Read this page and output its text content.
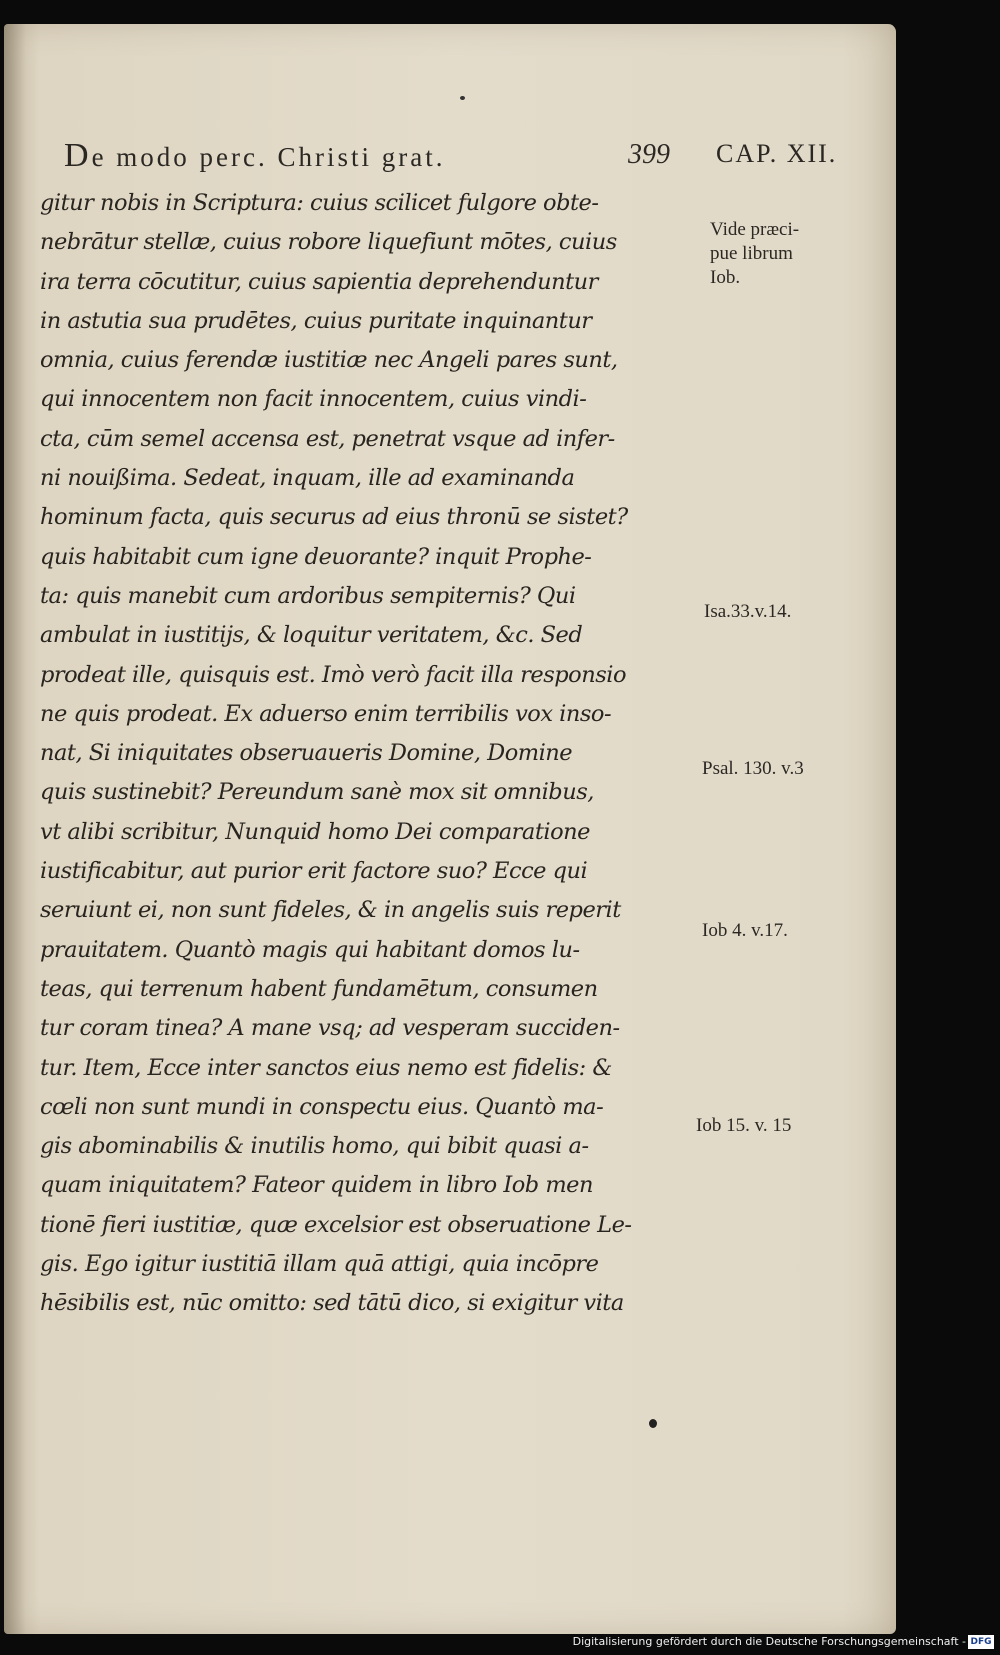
De modo perc. Christi grat.	399 CAP. XII.
gitur nobis in Scriptura: cuius scilicet fulgore obte-
nebrātur stellæ, cuius robore liquefiunt mōtes, cuius
ira terra cōcutitur, cuius sapientia deprehenduntur
in astutia sua prudētes, cuius puritate inquinantur
omnia, cuius ferendæ iustitiæ nec Angeli pares sunt,
qui innocentem non facit innocentem, cuius vindi-
cta, cūm semel accensa est, penetrat vsque ad infer-
ni nouißima. Sedeat, inquam, ille ad examinanda
hominum facta, quis securus ad eius thronū se sistet?
quis habitabit cum igne deuorante? inquit Prophe-
ta: quis manebit cum ardoribus sempiternis? Qui
ambulat in iustitijs, & loquitur veritatem, &c. Sed
prodeat ille, quisquis est. Imò verò facit illa responsio
ne quis prodeat. Ex aduerso enim terribilis vox inso-
nat, Si iniquitates obseruaueris Domine, Domine
quis sustinebit? Pereundum sanè mox sit omnibus,
vt alibi scribitur, Nunquid homo Dei comparatione
iustificabitur, aut purior erit factore suo? Ecce qui
seruiunt ei, non sunt fideles, & in angelis suis reperit
prauitatem. Quantò magis qui habitant domos lu-
teas, qui terrenum habent fundamētum, consumen
tur coram tinea? A mane vsq; ad vesperam succiden-
tur. Item, Ecce inter sanctos eius nemo est fidelis: &
cœli non sunt mundi in conspectu eius. Quantò ma-
gis abominabilis & inutilis homo, qui bibit quasi a-
quam iniquitatem? Fateor quidem in libro Iob men
tionē fieri iustitiæ, quæ excelsior est obseruatione Le-
gis. Ego igitur iustitiā illam quā attigi, quia incōpre
hēsibilis est, nūc omitto: sed tātū dico, si exigitur vita
Vide præci-
pue librum
Iob.
Isa.33.v.14.
Psal. 130. v.3
Iob 4. v.17.
Iob 15. v. 15
Digitalisierung gefördert durch die Deutsche Forschungsgemeinschaft - DFG
